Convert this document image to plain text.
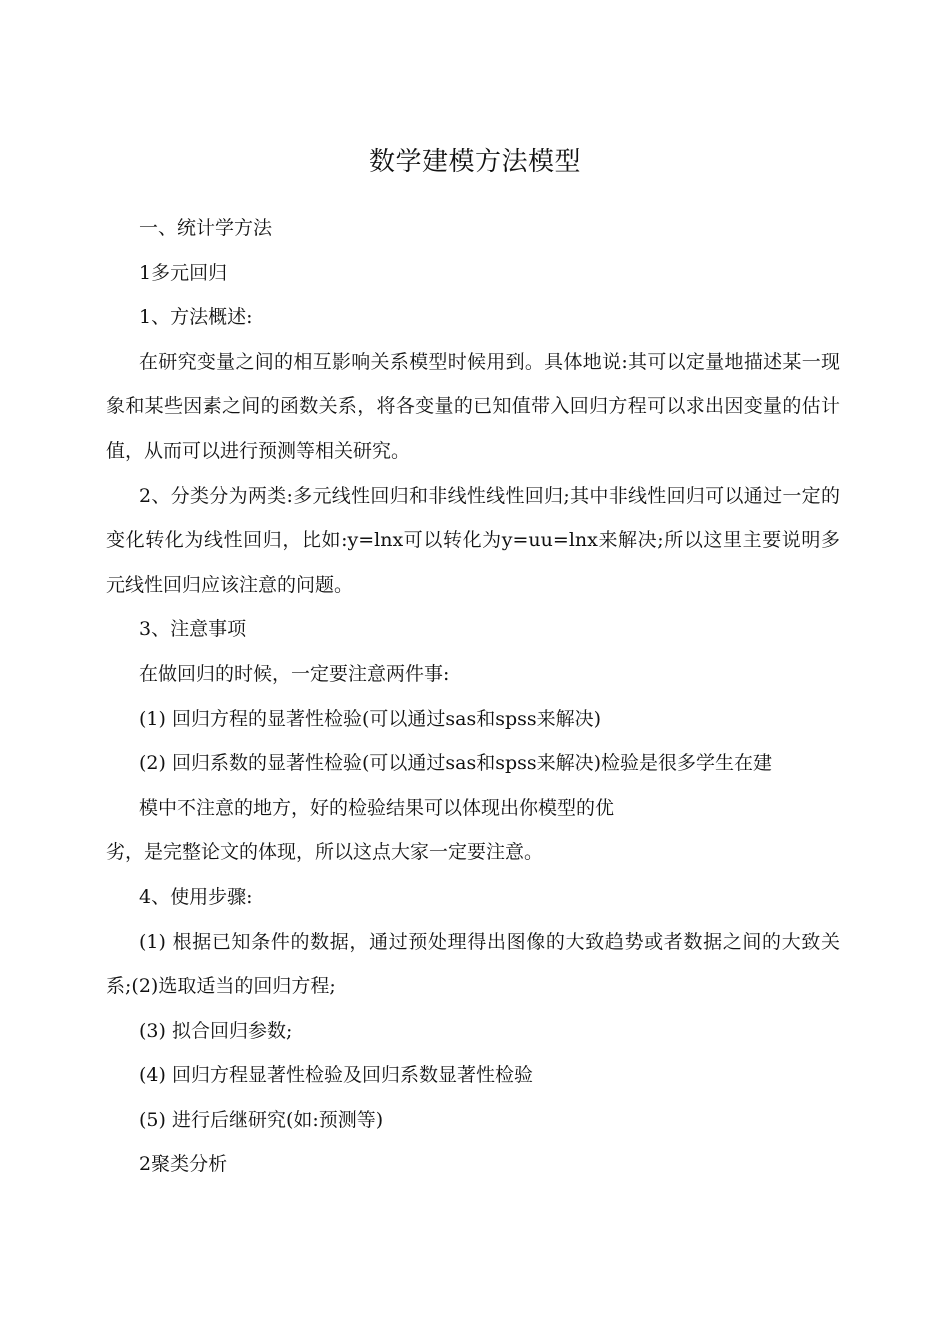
数学建模方法模型

一、统计学方法

1多元回归

1、方法概述:

在研究变量之间的相互影响关系模型时候用到。具体地说:其可以定量地描述某一现象和某些因素之间的函数关系，将各变量的已知值带入回归方程可以求出因变量的估计值，从而可以进行预测等相关研究。

2、分类分为两类:多元线性回归和非线性线性回归;其中非线性回归可以通过一定的变化转化为线性回归，比如:y=lnx可以转化为y=uu=lnx来解决;所以这里主要说明多元线性回归应该注意的问题。

3、注意事项

在做回归的时候，一定要注意两件事:

(1) 回归方程的显著性检验(可以通过sas和spss来解决)

(2) 回归系数的显著性检验(可以通过sas和spss来解决)检验是很多学生在建

模中不注意的地方，好的检验结果可以体现出你模型的优

劣，是完整论文的体现，所以这点大家一定要注意。

4、使用步骤:

(1) 根据已知条件的数据，通过预处理得出图像的大致趋势或者数据之间的大致关系;(2)选取适当的回归方程;

(3) 拟合回归参数;

(4) 回归方程显著性检验及回归系数显著性检验

(5) 进行后继研究(如:预测等)

2聚类分析
